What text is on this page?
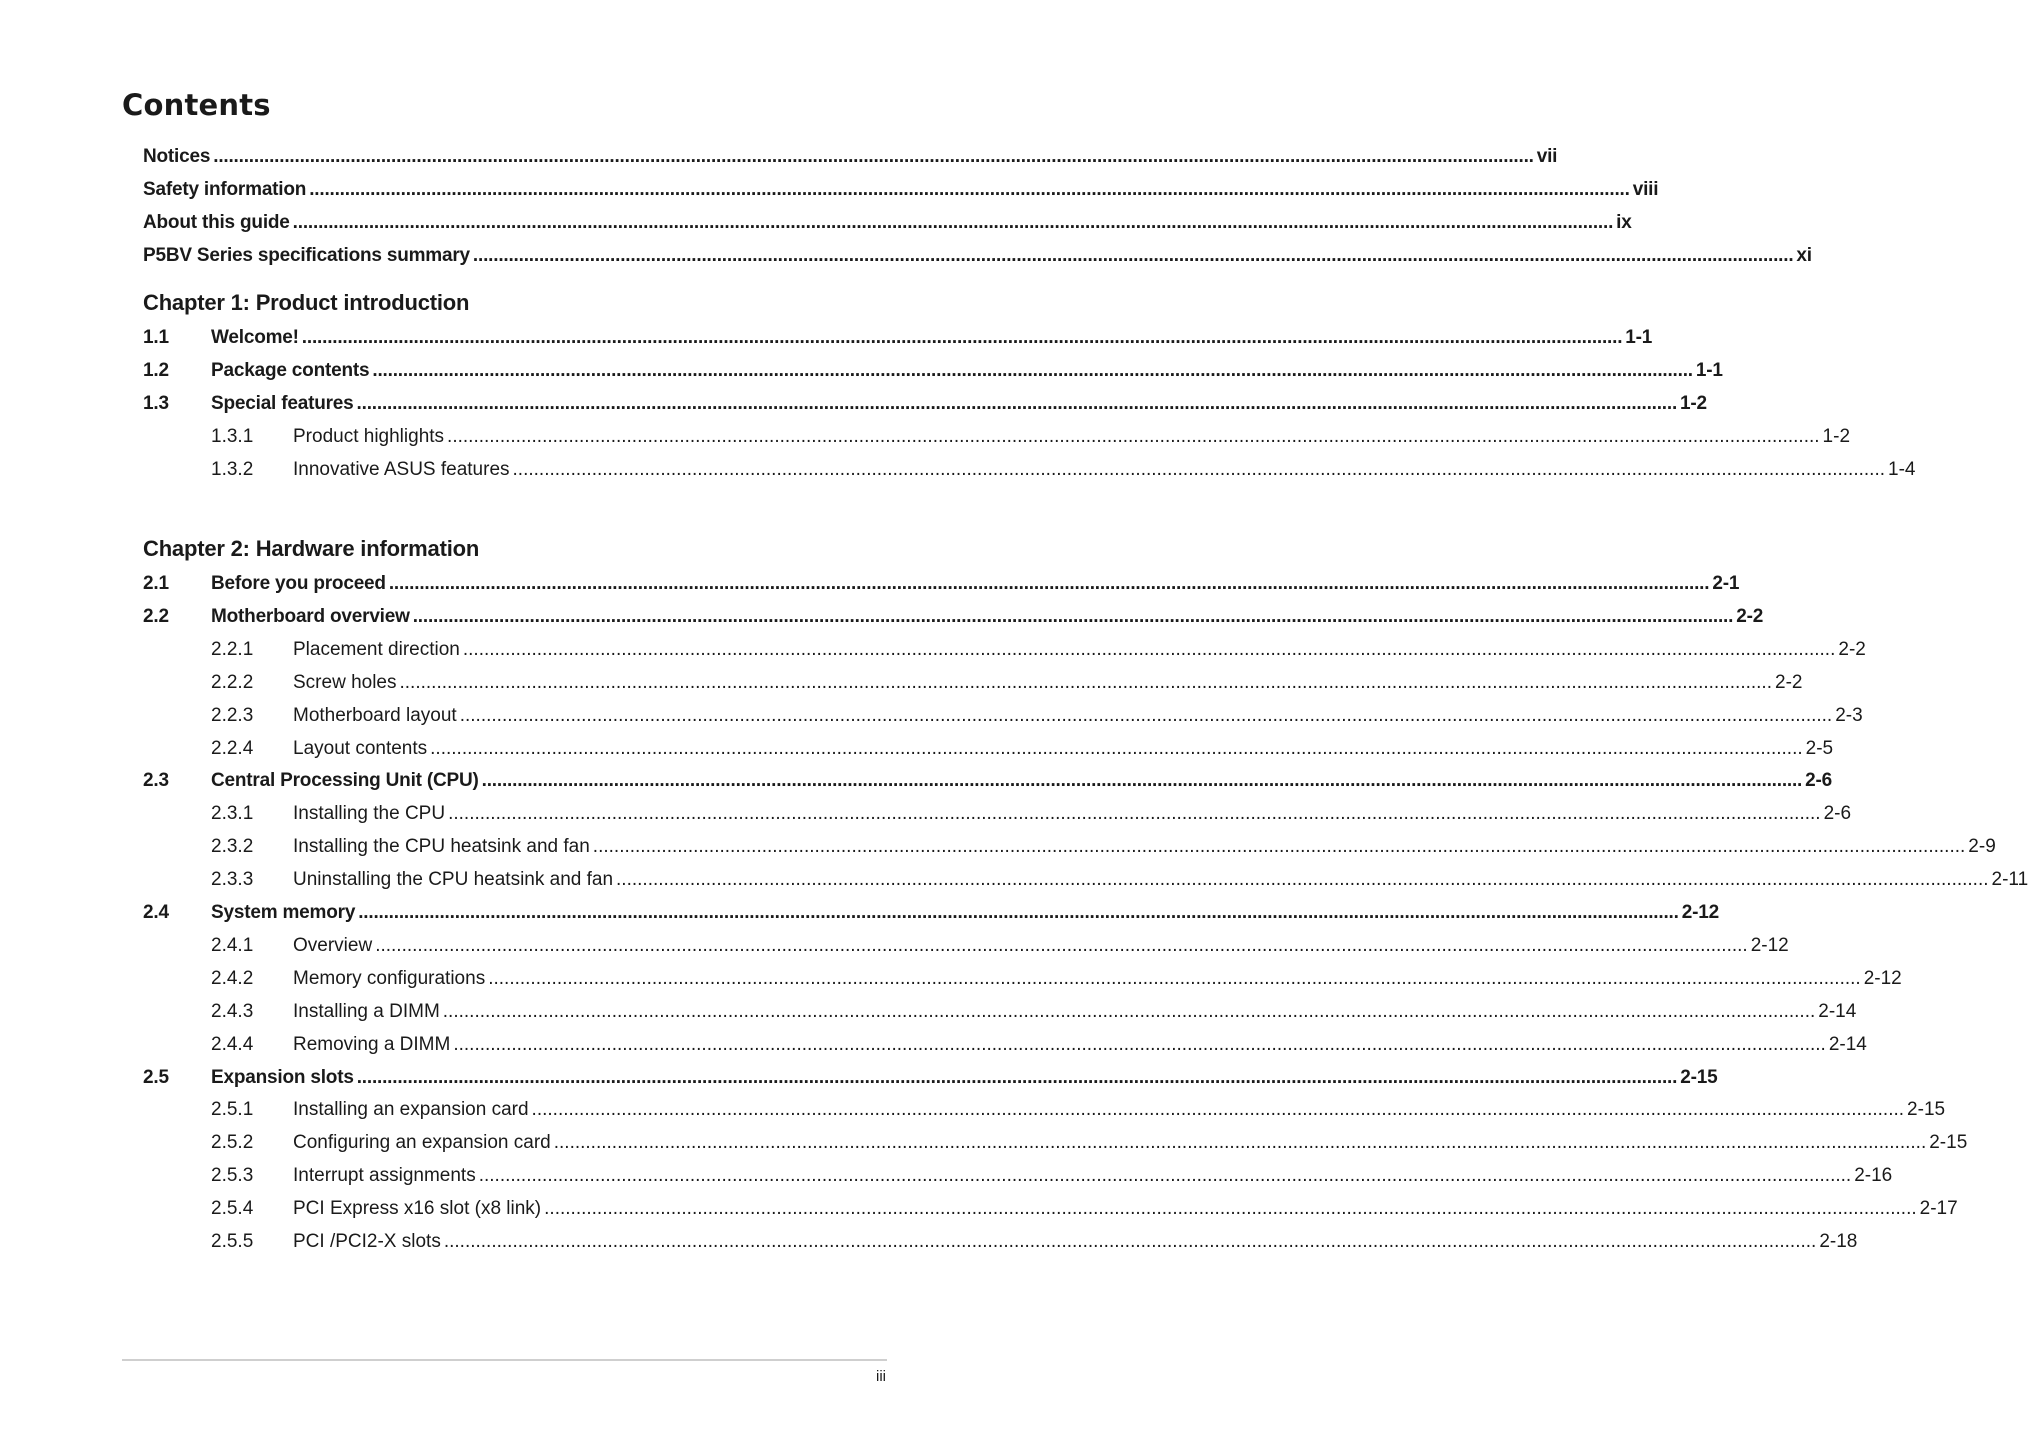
Contents
Notices .................................................................................................................................................................................................................................................................... vii
Safety information .................................................................................................................................................................................................................................................................... viii
About this guide .................................................................................................................................................................................................................................................................... ix
P5BV Series specifications summary .................................................................................................................................................................................................................................................................... xi
Chapter 1: Product introduction
1.1	Welcome! .................................................................................................................................................................................................................................................................... 1-1
1.2	Package contents .................................................................................................................................................................................................................................................................... 1-1
1.3	Special features .................................................................................................................................................................................................................................................................... 1-2
1.3.1	Product highlights .................................................................................................................................................................................................................................................................... 1-2
1.3.2	Innovative ASUS features .................................................................................................................................................................................................................................................................... 1-4
Chapter 2: Hardware information
2.1	Before you proceed .................................................................................................................................................................................................................................................................... 2-1
2.2	Motherboard overview .................................................................................................................................................................................................................................................................... 2-2
2.2.1	Placement direction .................................................................................................................................................................................................................................................................... 2-2
2.2.2	Screw holes .................................................................................................................................................................................................................................................................... 2-2
2.2.3	Motherboard layout .................................................................................................................................................................................................................................................................... 2-3
2.2.4	Layout contents .................................................................................................................................................................................................................................................................... 2-5
2.3	Central Processing Unit (CPU) .................................................................................................................................................................................................................................................................... 2-6
2.3.1	Installing the CPU .................................................................................................................................................................................................................................................................... 2-6
2.3.2	Installing the CPU heatsink and fan .................................................................................................................................................................................................................................................................... 2-9
2.3.3	Uninstalling the CPU heatsink and fan .................................................................................................................................................................................................................................................................... 2-11
2.4	System memory .................................................................................................................................................................................................................................................................... 2-12
2.4.1	Overview .................................................................................................................................................................................................................................................................... 2-12
2.4.2	Memory configurations .................................................................................................................................................................................................................................................................... 2-12
2.4.3	Installing a DIMM .................................................................................................................................................................................................................................................................... 2-14
2.4.4	Removing a DIMM .................................................................................................................................................................................................................................................................... 2-14
2.5	Expansion slots .................................................................................................................................................................................................................................................................... 2-15
2.5.1	Installing an expansion card .................................................................................................................................................................................................................................................................... 2-15
2.5.2	Configuring an expansion card .................................................................................................................................................................................................................................................................... 2-15
2.5.3	Interrupt assignments .................................................................................................................................................................................................................................................................... 2-16
2.5.4	PCI Express x16 slot (x8 link) .................................................................................................................................................................................................................................................................... 2-17
2.5.5	PCI /PCI2-X slots .................................................................................................................................................................................................................................................................... 2-18
iii
